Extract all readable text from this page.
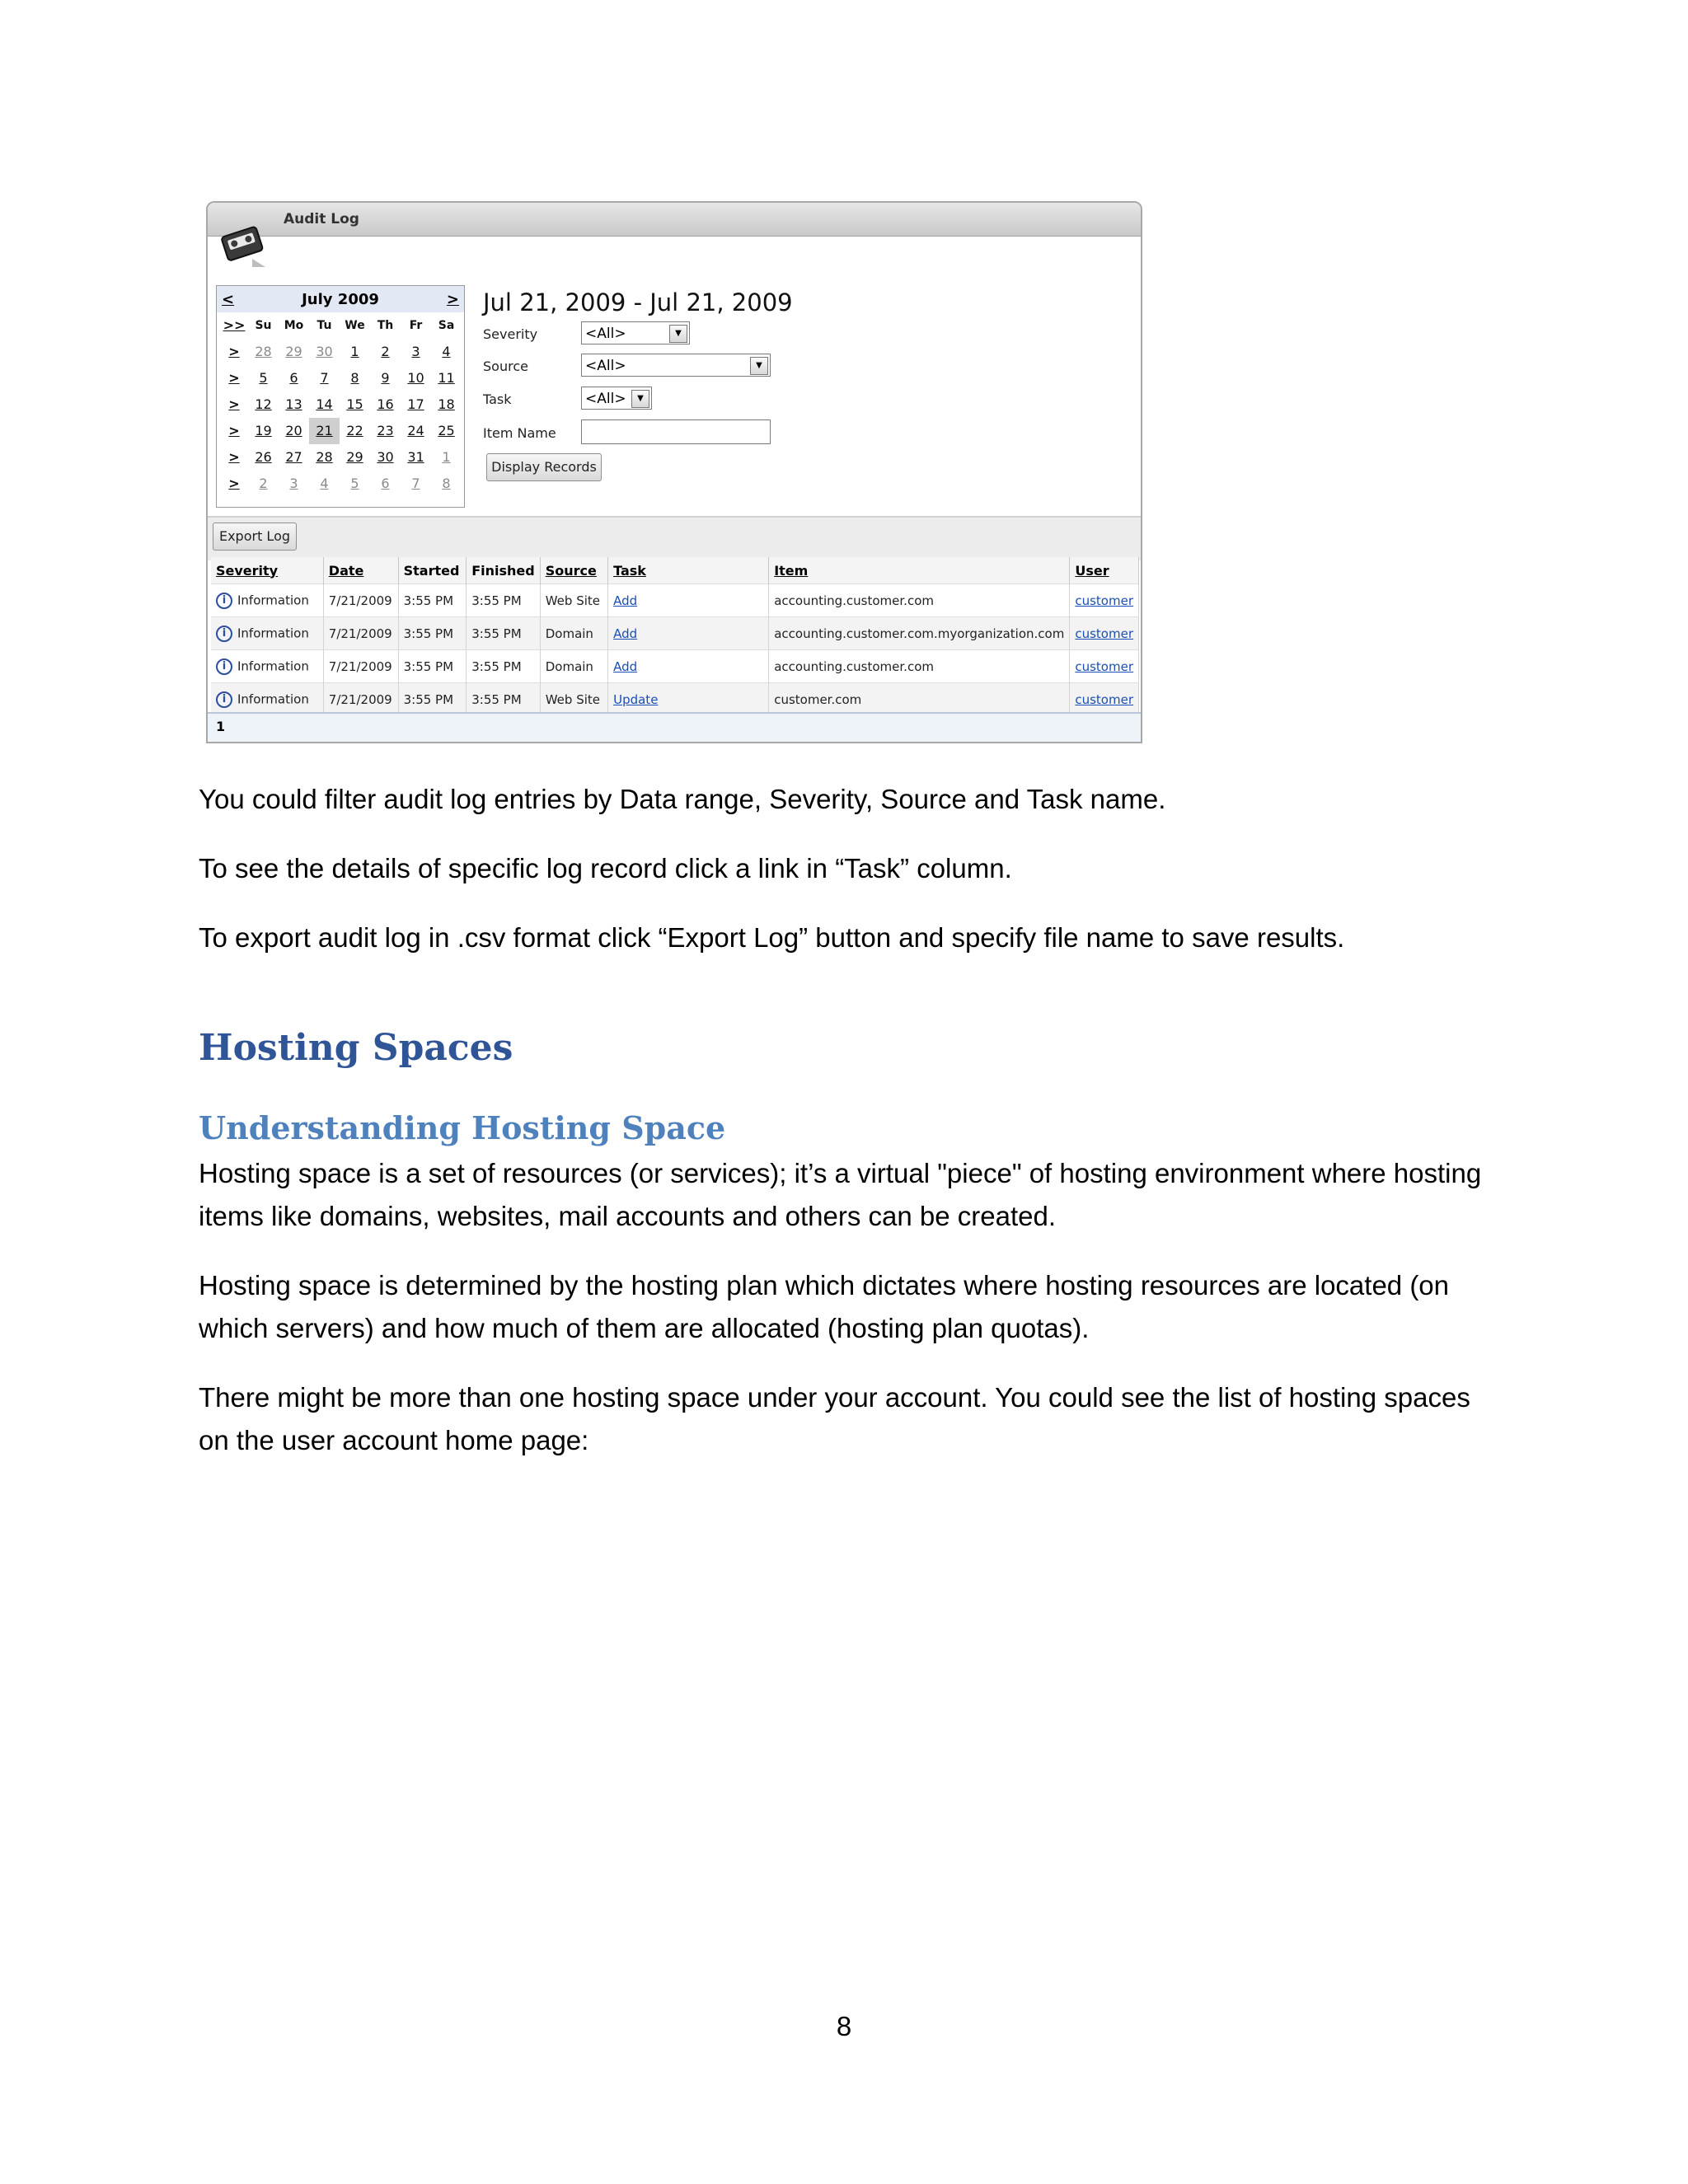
Audit Log
<	July 2009	>
>> Su	Mo	Tu	We	Th	Fr	Sa
>	28	29	30	1	2	3	4
>	5	6	7	8	9	10	11
>	12	13	14	15	16	17	18
>	19	20	21	22	23	24	25
>	26	27	28	29	30	31	1
>	2	3	4	5	6	7	8
Jul 21, 2009 - Jul 21, 2009
Severity	<All>	▼
Source	<All>	▼
Task	<All>	▼
Item Name
Display Records
Export Log
Severity	Date	Started	Finished	Source	Task	Item	User
i Information	7/21/2009	3:55 PM	3:55 PM	Web Site	Add	accounting.customer.com	customer
i Information	7/21/2009	3:55 PM	3:55 PM	Domain	Add	accounting.customer.com.myorganization.com	customer
i Information	7/21/2009	3:55 PM	3:55 PM	Domain	Add	accounting.customer.com	customer
i Information	7/21/2009	3:55 PM	3:55 PM	Web Site	Update	customer.com	customer
1

You could filter audit log entries by Data range, Severity, Source and Task name.

To see the details of specific log record click a link in “Task” column.

To export audit log in .csv format click “Export Log” button and specify file name to save results.

Hosting Spaces
Understanding Hosting Space

Hosting space is a set of resources (or services); it’s a virtual "piece" of hosting environment where hosting items like domains, websites, mail accounts and others can be created.

Hosting space is determined by the hosting plan which dictates where hosting resources are located (on which servers) and how much of them are allocated (hosting plan quotas).

There might be more than one hosting space under your account. You could see the list of hosting spaces on the user account home page:

8
